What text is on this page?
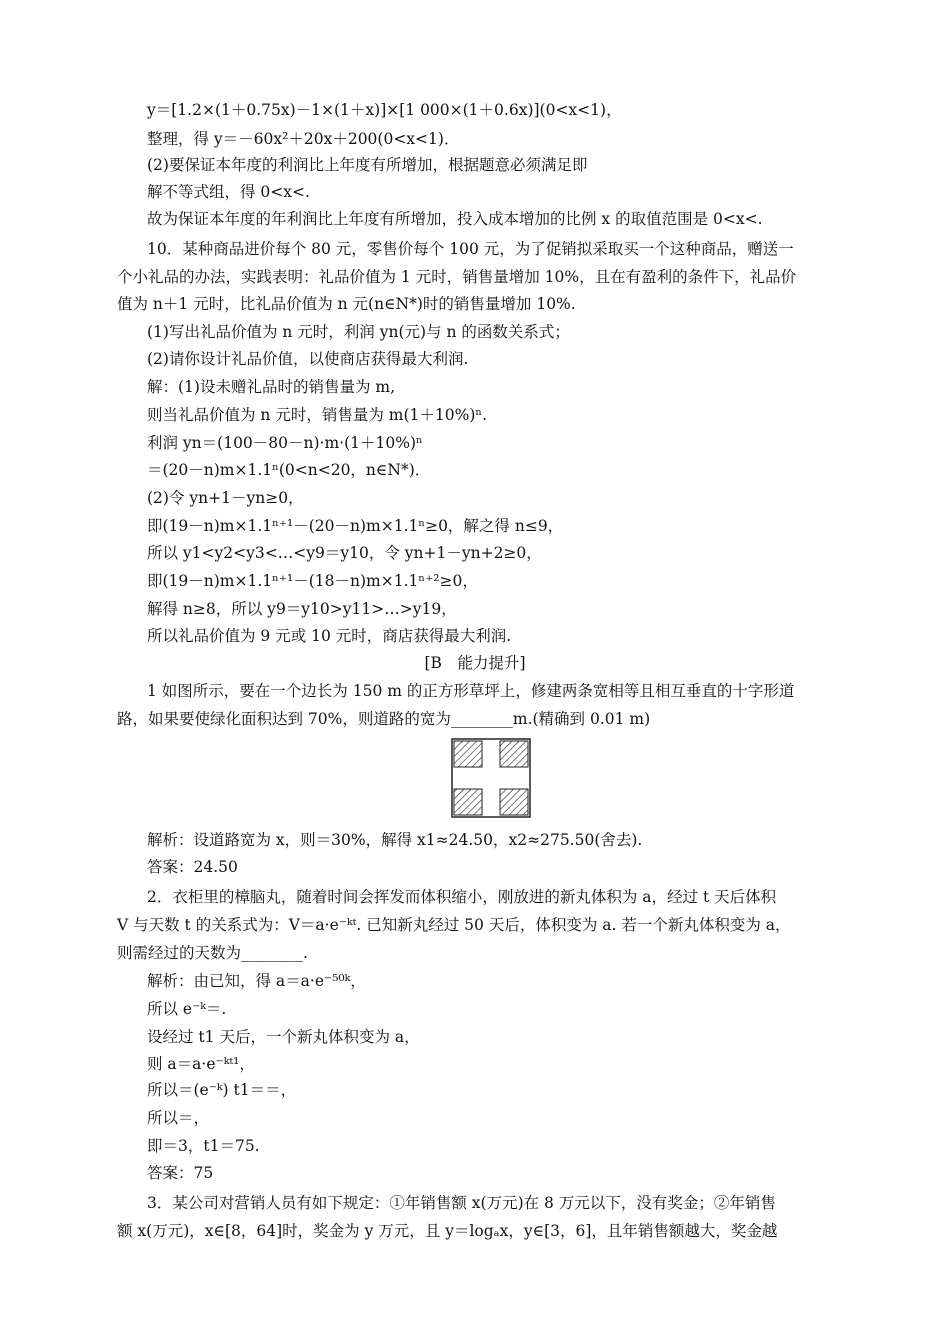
y＝[1.2×(1＋0.75x)－1×(1＋x)]×[1 000×(1＋0.6x)](0<x<1)，
整理，得 y＝－60x²＋20x＋200(0<x<1)．
(2)要保证本年度的利润比上年度有所增加，根据题意必须满足即
解不等式组，得 0<x<.
故为保证本年度的年利润比上年度有所增加，投入成本增加的比例 x 的取值范围是 0<x<.
10．某种商品进价每个 80 元，零售价每个 100 元，为了促销拟采取买一个这种商品，赠送一
个小礼品的办法，实践表明：礼品价值为 1 元时，销售量增加 10%，且在有盈利的条件下，礼品价
值为 n＋1 元时，比礼品价值为 n 元(n∈N*)时的销售量增加 10%.
(1)写出礼品价值为 n 元时，利润 yn(元)与 n 的函数关系式；
(2)请你设计礼品价值，以使商店获得最大利润.
解：(1)设未赠礼品时的销售量为 m,
则当礼品价值为 n 元时，销售量为 m(1＋10%)ⁿ.
利润 yn＝(100－80－n)·m·(1＋10%)ⁿ
＝(20－n)m×1.1ⁿ(0<n<20，n∈N*)．
(2)令 yn+1－yn≥0，
即(19－n)m×1.1ⁿ⁺¹－(20－n)m×1.1ⁿ≥0，解之得 n≤9，
所以 y1<y2<y3<…<y9＝y10，令 yn+1－yn+2≥0，
即(19－n)m×1.1ⁿ⁺¹－(18－n)m×1.1ⁿ⁺²≥0，
解得 n≥8，所以 y9＝y10>y11>…>y19，
所以礼品价值为 9 元或 10 元时，商店获得最大利润.
[B　能力提升]
1 如图所示，要在一个边长为 150 m 的正方形草坪上，修建两条宽相等且相互垂直的十字形道
路，如果要使绿化面积达到 70%，则道路的宽为________m.(精确到 0.01 m)
解析：设道路宽为 x，则＝30%，解得 x1≈24.50，x2≈275.50(舍去).
答案：24.50
2．衣柜里的樟脑丸，随着时间会挥发而体积缩小，刚放进的新丸体积为 a，经过 t 天后体积
V 与天数 t 的关系式为：V＝a·e⁻ᵏᵗ. 已知新丸经过 50 天后，体积变为 a. 若一个新丸体积变为 a，
则需经过的天数为________.
解析：由已知，得 a＝a·e⁻⁵⁰ᵏ，
所以 e⁻ᵏ＝.
设经过 t1 天后，一个新丸体积变为 a，
则 a＝a·e⁻ᵏᵗ¹，
所以＝(e⁻ᵏ) t1＝＝，
所以＝，
即＝3，t1＝75.
答案：75
3．某公司对营销人员有如下规定：①年销售额 x(万元)在 8 万元以下，没有奖金；②年销售
额 x(万元)，x∈[8，64]时，奖金为 y 万元，且 y＝logₐx，y∈[3，6]，且年销售额越大，奖金越
